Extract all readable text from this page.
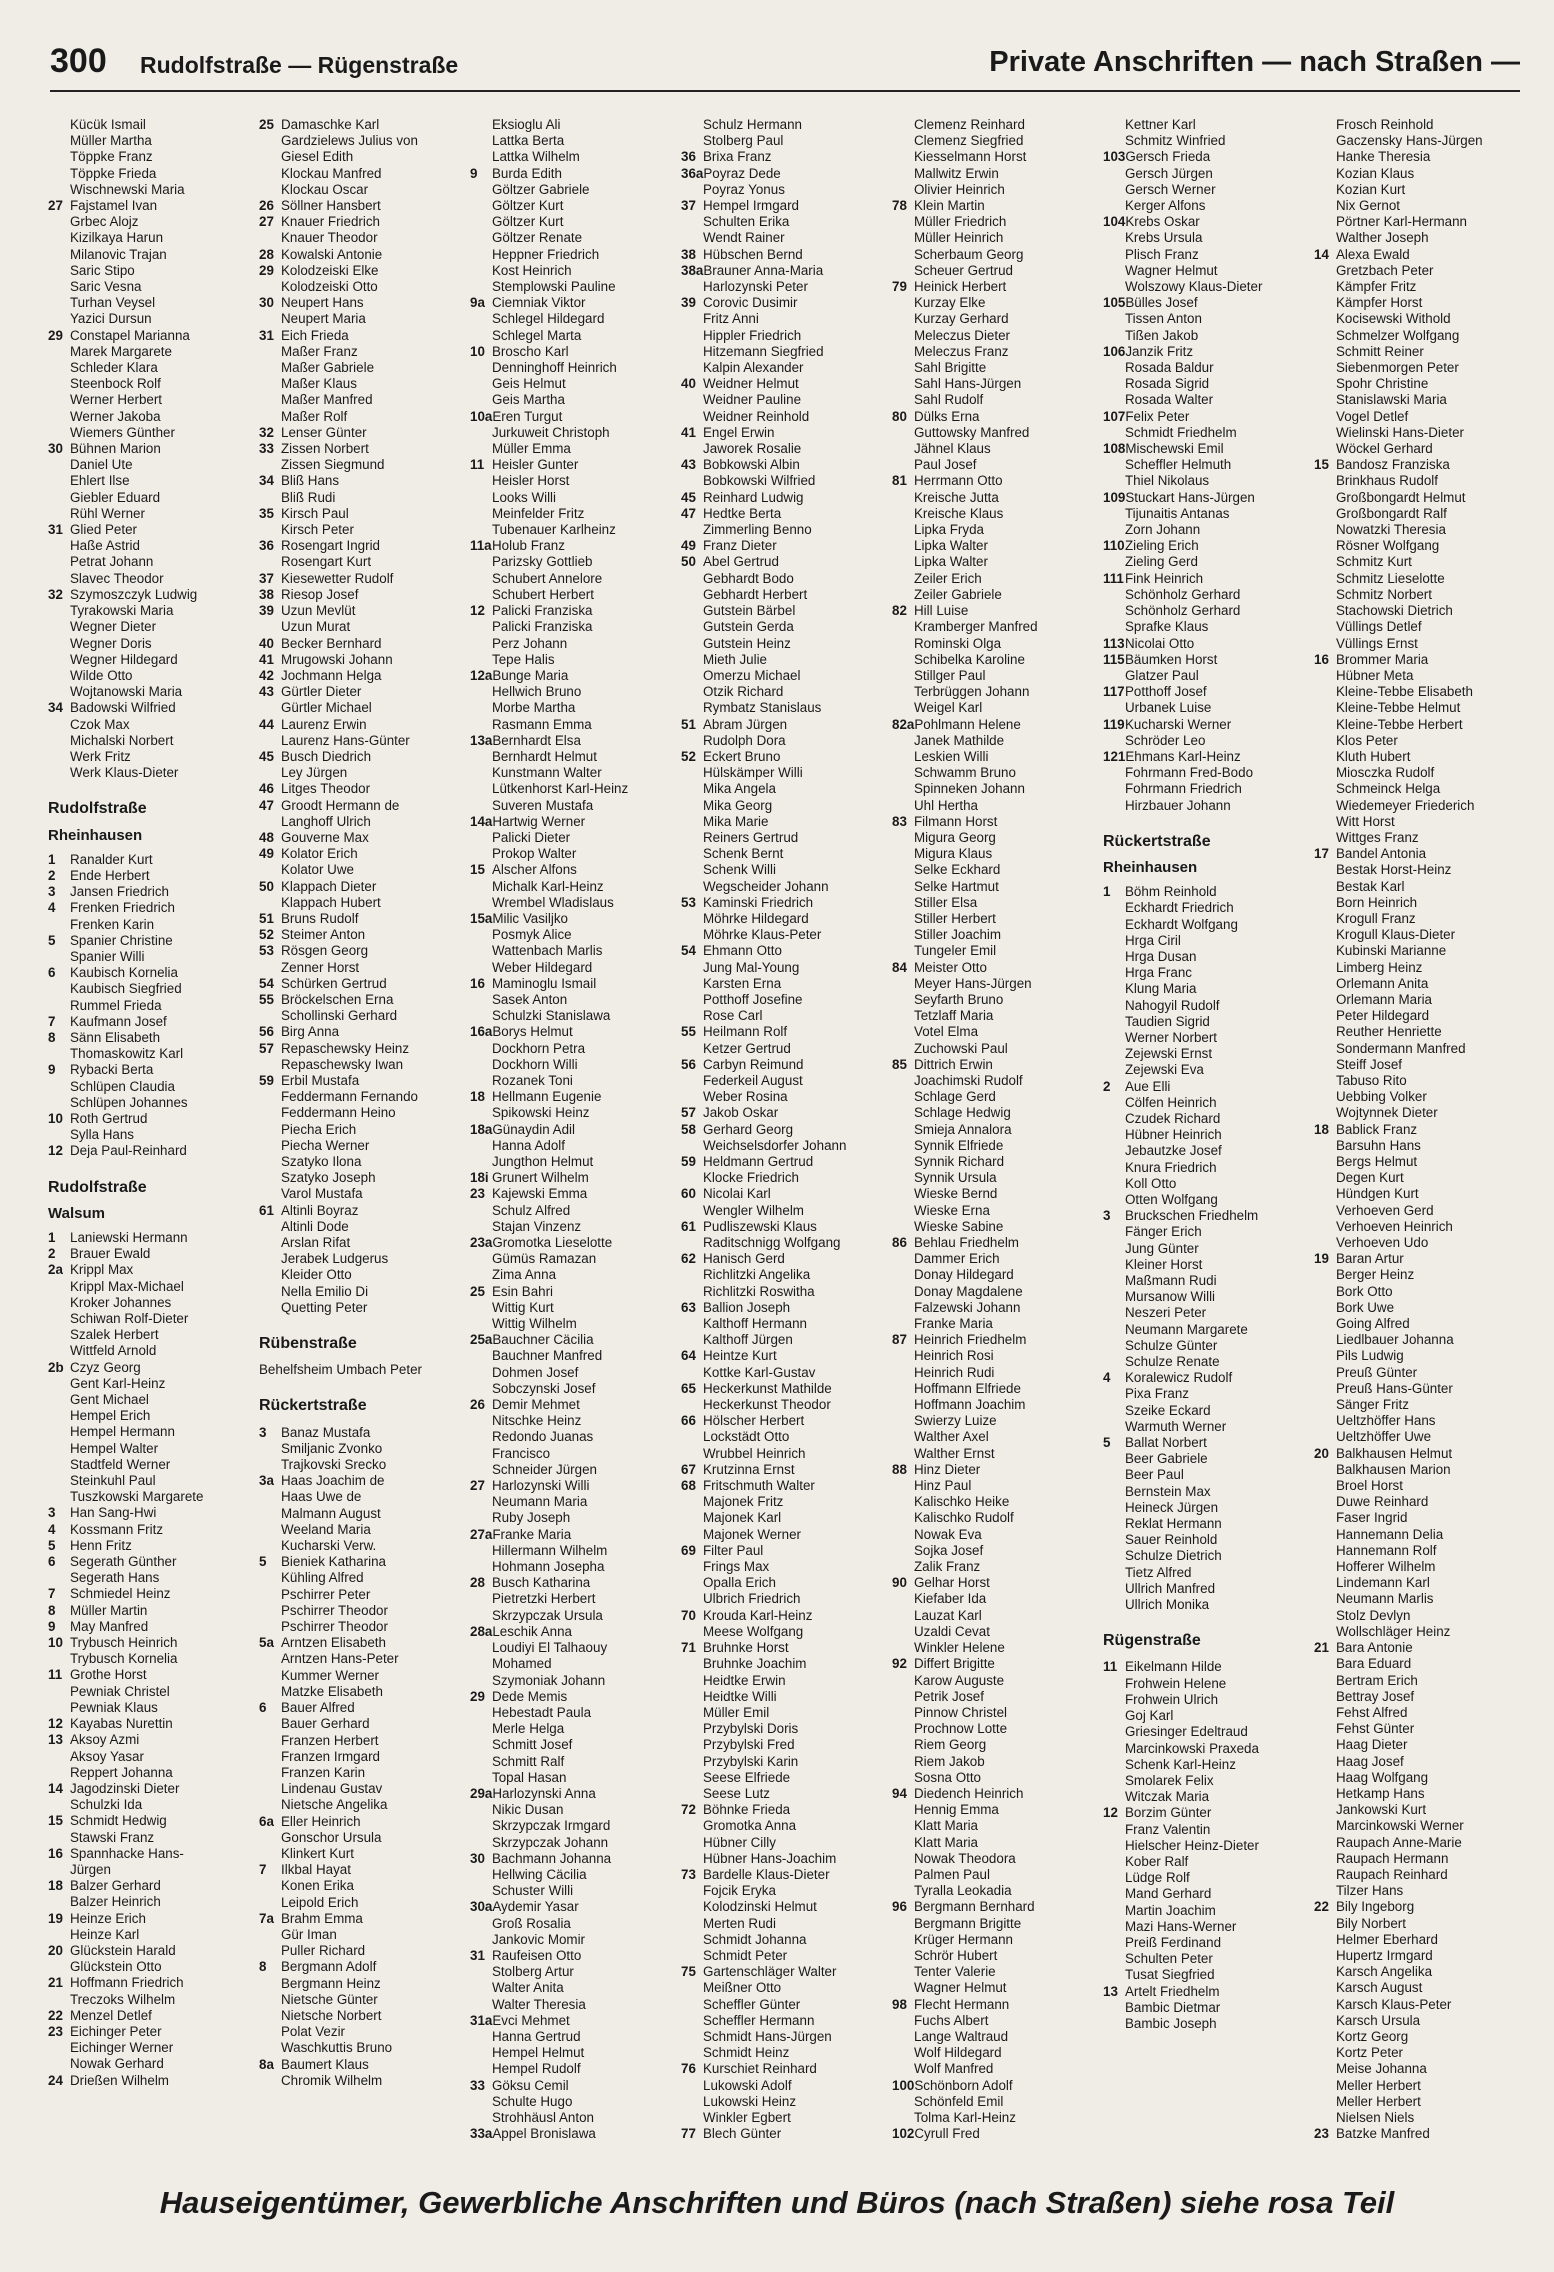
300 Rudolfstraße — Rügenstraße	Private Anschriften — nach Straßen —
Kücük Ismail
Müller Martha
Töppke Franz
Töppke Frieda
Wischnewski Maria
27 Fajstamel Ivan
Grbec Alojz
Kizilkaya Harun
Milanovic Trajan
Saric Stipo
Saric Vesna
Turhan Veysel
Yazici Dursun
29 Constapel Marianna
Marek Margarete
Schleder Klara
Steenbock Rolf
Werner Herbert
Werner Jakoba
Wiemers Günther
30 Bühnen Marion
Daniel Ute
Ehlert Ilse
Giebler Eduard
Rühl Werner
31 Glied Peter
Haße Astrid
Petrat Johann
Slavec Theodor
32 Szymoszczyk Ludwig
Tyrakowski Maria
Wegner Dieter
Wegner Doris
Wegner Hildegard
Wilde Otto
Wojtanowski Maria
34 Badowski Wilfried
Czok Max
Michalski Norbert
Werk Fritz
Werk Klaus-Dieter
Rudolfstraße
Rheinhausen
1 Ranalder Kurt
2 Ende Herbert
3 Jansen Friedrich
4 Frenken Friedrich
Frenken Karin
5 Spanier Christine
Spanier Willi
6 Kaubisch Kornelia
Kaubisch Siegfried
Rummel Frieda
7 Kaufmann Josef
8 Sänn Elisabeth
Thomaskowitz Karl
9 Rybacki Berta
Schlüpen Claudia
Schlüpen Johannes
10 Roth Gertrud
Sylla Hans
12 Deja Paul-Reinhard
Rudolfstraße
Walsum
1 Laniewski Hermann
2 Brauer Ewald
2a Krippl Max
Krippl Max-Michael
Kroker Johannes
Schiwan Rolf-Dieter
Szalek Herbert
Wittfeld Arnold
2b Czyz Georg
Gent Karl-Heinz
Gent Michael
Hempel Erich
Hempel Hermann
Hempel Walter
Stadtfeld Werner
Steinkuhl Paul
Tuszkowski Margarete
3 Han Sang-Hwi
4 Kossmann Fritz
5 Henn Fritz
6 Segerath Günther
Segerath Hans
7 Schmiedel Heinz
8 Müller Martin
9 May Manfred
10 Trybusch Heinrich
Trybusch Kornelia
11 Grothe Horst
Pewniak Christel
Pewniak Klaus
12 Kayabas Nurettin
13 Aksoy Azmi
Aksoy Yasar
Reppert Johanna
14 Jagodzinski Dieter
Schulzki Ida
15 Schmidt Hedwig
Stawski Franz
16 Spannhacke Hans-
Jürgen
18 Balzer Gerhard
Balzer Heinrich
19 Heinze Erich
Heinze Karl
20 Glückstein Harald
Glückstein Otto
21 Hoffmann Friedrich
Treczoks Wilhelm
22 Menzel Detlef
23 Eichinger Peter
Eichinger Werner
Nowak Gerhard
24 Drießen Wilhelm
25 Damaschke Karl
Gardzielews Julius von
Giesel Edith
Klockau Manfred
Klockau Oscar
26 Söllner Hansbert
27 Knauer Friedrich
Knauer Theodor
28 Kowalski Antonie
29 Kolodzeiski Elke
Kolodzeiski Otto
30 Neupert Hans
Neupert Maria
31 Eich Frieda
Maßer Franz
Maßer Gabriele
Maßer Klaus
Maßer Manfred
Maßer Rolf
32 Lenser Günter
33 Zissen Norbert
Zissen Siegmund
34 Bliß Hans
Bliß Rudi
35 Kirsch Paul
Kirsch Peter
36 Rosengart Ingrid
Rosengart Kurt
37 Kiesewetter Rudolf
38 Riesop Josef
39 Uzun Mevlüt
Uzun Murat
40 Becker Bernhard
41 Mrugowski Johann
42 Jochmann Helga
43 Gürtler Dieter
Gürtler Michael
44 Laurenz Erwin
Laurenz Hans-Günter
45 Busch Diedrich
Ley Jürgen
46 Litges Theodor
47 Groodt Hermann de
Langhoff Ulrich
48 Gouverne Max
49 Kolator Erich
Kolator Uwe
50 Klappach Dieter
Klappach Hubert
51 Bruns Rudolf
52 Steimer Anton
53 Rösgen Georg
Zenner Horst
54 Schürken Gertrud
55 Bröckelschen Erna
Schollinski Gerhard
56 Birg Anna
57 Repaschewsky Heinz
Repaschewsky Iwan
59 Erbil Mustafa
Feddermann Fernando
Feddermann Heino
Piecha Erich
Piecha Werner
Szatyko Ilona
Szatyko Joseph
Varol Mustafa
61 Altinli Boyraz
Altinli Dode
Arslan Rifat
Jerabek Ludgerus
Kleider Otto
Nella Emilio Di
Quetting Peter
Rübenstraße
Behelfsheim Umbach Peter
Rückertstraße
3 Banaz Mustafa
Smiljanic Zvonko
Trajkovski Srecko
3a Haas Joachim de
Haas Uwe de
Malmann August
Weeland Maria
Kucharski Verw.
5 Bieniek Katharina
Kühling Alfred
Pschirrer Peter
Pschirrer Theodor
Pschirrer Theodor
5a Arntzen Elisabeth
Arntzen Hans-Peter
Kummer Werner
Matzke Elisabeth
6 Bauer Alfred
Bauer Gerhard
Franzen Herbert
Franzen Irmgard
Franzen Karin
Lindenau Gustav
Nietsche Angelika
6a Eller Heinrich
Gonschor Ursula
Klinkert Kurt
7 Ilkbal Hayat
Konen Erika
Leipold Erich
7a Brahm Emma
Gür Iman
Puller Richard
8 Bergmann Adolf
Bergmann Heinz
Nietsche Günter
Nietsche Norbert
Polat Vezir
Waschkuttis Bruno
8a Baumert Klaus
Chromik Wilhelm
Eksioglu Ali
Lattka Berta
Lattka Wilhelm
9 Burda Edith
Göltzer Gabriele
Göltzer Kurt
Göltzer Kurt
Göltzer Renate
Heppner Friedrich
Kost Heinrich
Stemplowski Pauline
9a Ciemniak Viktor
Schlegel Hildegard
Schlegel Marta
10 Broscho Karl
Denninghoff Heinrich
Geis Helmut
Geis Martha
10aEren Turgut
Jurkuweit Christoph
Müller Emma
11 Heisler Gunter
Heisler Horst
Looks Willi
Meinfelder Fritz
Tubenauer Karlheinz
11aHolub Franz
Parizsky Gottlieb
Schubert Annelore
Schubert Herbert
12 Palicki Franziska
Palicki Franziska
Perz Johann
Tepe Halis
12aBunge Maria
Hellwich Bruno
Morbe Martha
Rasmann Emma
13aBernhardt Elsa
Bernhardt Helmut
Kunstmann Walter
Lütkenhorst Karl-Heinz
Suveren Mustafa
14aHartwig Werner
Palicki Dieter
Prokop Walter
15 Alscher Alfons
Michalk Karl-Heinz
Wrembel Wladislaus
15aMilic Vasiljko
Posmyk Alice
Wattenbach Marlis
Weber Hildegard
16 Maminoglu Ismail
Sasek Anton
Schulzki Stanislawa
16aBorys Helmut
Dockhorn Petra
Dockhorn Willi
Rozanek Toni
18 Hellmann Eugenie
Spikowski Heinz
18aGünaydin Adil
Hanna Adolf
Jungthon Helmut
18i Grunert Wilhelm
23 Kajewski Emma
Schulz Alfred
Stajan Vinzenz
23aGromotka Lieselotte
Gümüs Ramazan
Zima Anna
25 Esin Bahri
Wittig Kurt
Wittig Wilhelm
25aBauchner Cäcilia
Bauchner Manfred
Dohmen Josef
Sobczynski Josef
26 Demir Mehmet
Nitschke Heinz
Redondo Juanas
Francisco
Schneider Jürgen
27 Harlozynski Willi
Neumann Maria
Ruby Joseph
27aFranke Maria
Hillermann Wilhelm
Hohmann Josepha
28 Busch Katharina
Pietretzki Herbert
Skrzypczak Ursula
28aLeschik Anna
Loudiyi El Talhaouy
Mohamed
Szymoniak Johann
29 Dede Memis
Hebestadt Paula
Merle Helga
Schmitt Josef
Schmitt Ralf
Topal Hasan
29aHarlozynski Anna
Nikic Dusan
Skrzypczak Irmgard
Skrzypczak Johann
30 Bachmann Johanna
Hellwing Cäcilia
Schuster Willi
30aAydemir Yasar
Groß Rosalia
Jankovic Momir
31 Raufeisen Otto
Stolberg Artur
Walter Anita
Walter Theresia
31aEvci Mehmet
Hanna Gertrud
Hempel Helmut
Hempel Rudolf
33 Göksu Cemil
Schulte Hugo
Strohhäusl Anton
33aAppel Bronislawa
Schulz Hermann
Stolberg Paul
36 Brixa Franz
36aPoyraz Dede
Poyraz Yonus
37 Hempel Irmgard
Schulten Erika
Wendt Rainer
38 Hübschen Bernd
38aBrauner Anna-Maria
Harlozynski Peter
39 Corovic Dusimir
Fritz Anni
Hippler Friedrich
Hitzemann Siegfried
Kalpin Alexander
40 Weidner Helmut
Weidner Pauline
Weidner Reinhold
41 Engel Erwin
Jaworek Rosalie
43 Bobkowski Albin
Bobkowski Wilfried
45 Reinhard Ludwig
47 Hedtke Berta
Zimmerling Benno
49 Franz Dieter
50 Abel Gertrud
Gebhardt Bodo
Gebhardt Herbert
Gutstein Bärbel
Gutstein Gerda
Gutstein Heinz
Mieth Julie
Omerzu Michael
Otzik Richard
Rymbatz Stanislaus
51 Abram Jürgen
Rudolph Dora
52 Eckert Bruno
Hülskämper Willi
Mika Angela
Mika Georg
Mika Marie
Reiners Gertrud
Schenk Bernt
Schenk Willi
Wegscheider Johann
53 Kaminski Friedrich
Möhrke Hildegard
Möhrke Klaus-Peter
54 Ehmann Otto
Jung Mal-Young
Karsten Erna
Potthoff Josefine
Rose Carl
55 Heilmann Rolf
Ketzer Gertrud
56 Carbyn Reimund
Federkeil August
Weber Rosina
57 Jakob Oskar
58 Gerhard Georg
Weichselsdorfer Johann
59 Heldmann Gertrud
Klocke Friedrich
60 Nicolai Karl
Wengler Wilhelm
61 Pudliszewski Klaus
Raditschnigg Wolfgang
62 Hanisch Gerd
Richlitzki Angelika
Richlitzki Roswitha
63 Ballion Joseph
Kalthoff Hermann
Kalthoff Jürgen
64 Heintze Kurt
Kottke Karl-Gustav
65 Heckerkunst Mathilde
Heckerkunst Theodor
66 Hölscher Herbert
Lockstädt Otto
Wrubbel Heinrich
67 Krutzinna Ernst
68 Fritschmuth Walter
Majonek Fritz
Majonek Karl
Majonek Werner
69 Filter Paul
Frings Max
Opalla Erich
Ulbrich Friedrich
70 Krouda Karl-Heinz
Meese Wolfgang
71 Bruhnke Horst
Bruhnke Joachim
Heidtke Erwin
Heidtke Willi
Müller Emil
Przybylski Doris
Przybylski Fred
Przybylski Karin
Seese Elfriede
Seese Lutz
72 Böhnke Frieda
Gromotka Anna
Hübner Cilly
Hübner Hans-Joachim
73 Bardelle Klaus-Dieter
Fojcik Eryka
Kolodzinski Helmut
Merten Rudi
Schmidt Johanna
Schmidt Peter
75 Gartenschläger Walter
Meißner Otto
Scheffler Günter
Scheffler Hermann
Schmidt Hans-Jürgen
Schmidt Heinz
76 Kurschiet Reinhard
Lukowski Adolf
Lukowski Heinz
Winkler Egbert
77 Blech Günter
Clemenz Reinhard
Clemenz Siegfried
Kiesselmann Horst
Mallwitz Erwin
Olivier Heinrich
78 Klein Martin
Müller Friedrich
Müller Heinrich
Scherbaum Georg
Scheuer Gertrud
79 Heinick Herbert
Kurzay Elke
Kurzay Gerhard
Meleczus Dieter
Meleczus Franz
Sahl Brigitte
Sahl Hans-Jürgen
Sahl Rudolf
80 Dülks Erna
Guttowsky Manfred
Jähnel Klaus
Paul Josef
81 Herrmann Otto
Kreische Jutta
Kreische Klaus
Lipka Fryda
Lipka Walter
Lipka Walter
Zeiler Erich
Zeiler Gabriele
82 Hill Luise
Kramberger Manfred
Rominski Olga
Schibelka Karoline
Stillger Paul
Terbrüggen Johann
Weigel Karl
82aPohlmann Helene
Janek Mathilde
Leskien Willi
Schwamm Bruno
Spinneken Johann
Uhl Hertha
83 Filmann Horst
Migura Georg
Migura Klaus
Selke Eckhard
Selke Hartmut
Stiller Elsa
Stiller Herbert
Stiller Joachim
Tungeler Emil
84 Meister Otto
Meyer Hans-Jürgen
Seyfarth Bruno
Tetzlaff Maria
Votel Elma
Zuchowski Paul
85 Dittrich Erwin
Joachimski Rudolf
Schlage Gerd
Schlage Hedwig
Smieja Annalora
Synnik Elfriede
Synnik Richard
Synnik Ursula
Wieske Bernd
Wieske Erna
Wieske Sabine
86 Behlau Friedhelm
Dammer Erich
Donay Hildegard
Donay Magdalene
Falzewski Johann
Franke Maria
87 Heinrich Friedhelm
Heinrich Rosi
Heinrich Rudi
Hoffmann Elfriede
Hoffmann Joachim
Swierzy Luize
Walther Axel
Walther Ernst
88 Hinz Dieter
Hinz Paul
Kalischko Heike
Kalischko Rudolf
Nowak Eva
Sojka Josef
Zalik Franz
90 Gelhar Horst
Kiefaber Ida
Lauzat Karl
Uzaldi Cevat
Winkler Helene
92 Differt Brigitte
Karow Auguste
Petrik Josef
Pinnow Christel
Prochnow Lotte
Riem Georg
Riem Jakob
Sosna Otto
94 Diedench Heinrich
Hennig Emma
Klatt Maria
Klatt Maria
Nowak Theodora
Palmen Paul
Tyralla Leokadia
96 Bergmann Bernhard
Bergmann Brigitte
Krüger Hermann
Schrör Hubert
Tenter Valerie
Wagner Helmut
98 Flecht Hermann
Fuchs Albert
Lange Waltraud
Wolf Hildegard
Wolf Manfred
100Schönborn Adolf
Schönfeld Emil
Tolma Karl-Heinz
102Cyrull Fred
Kettner Karl
Schmitz Winfried
103Gersch Frieda
Gersch Jürgen
Gersch Werner
Kerger Alfons
104Krebs Oskar
Krebs Ursula
Plisch Franz
Wagner Helmut
Wolszowy Klaus-Dieter
105Bülles Josef
Tissen Anton
Tißen Jakob
106Janzik Fritz
Rosada Baldur
Rosada Sigrid
Rosada Walter
107Felix Peter
Schmidt Friedhelm
108Mischewski Emil
Scheffler Helmuth
Thiel Nikolaus
109Stuckart Hans-Jürgen
Tijunaitis Antanas
Zorn Johann
110Zieling Erich
Zieling Gerd
111Fink Heinrich
Schönholz Gerhard
Schönholz Gerhard
Sprafke Klaus
113Nicolai Otto
115Bäumken Horst
Glatzer Paul
117Potthoff Josef
Urbanek Luise
119Kucharski Werner
Schröder Leo
121Ehmans Karl-Heinz
Fohrmann Fred-Bodo
Fohrmann Friedrich
Hirzbauer Johann
Rückertstraße
Rheinhausen
1 Böhm Reinhold
Eckhardt Friedrich
Eckhardt Wolfgang
Hrga Ciril
Hrga Dusan
Hrga Franc
Klung Maria
Nahogyil Rudolf
Taudien Sigrid
Werner Norbert
Zejewski Ernst
Zejewski Eva
2 Aue Elli
Cölfen Heinrich
Czudek Richard
Hübner Heinrich
Jebautzke Josef
Knura Friedrich
Koll Otto
Otten Wolfgang
3 Bruckschen Friedhelm
Fänger Erich
Jung Günter
Kleiner Horst
Maßmann Rudi
Mursanow Willi
Neszeri Peter
Neumann Margarete
Schulze Günter
Schulze Renate
4 Koralewicz Rudolf
Pixa Franz
Szeike Eckard
Warmuth Werner
5 Ballat Norbert
Beer Gabriele
Beer Paul
Bernstein Max
Heineck Jürgen
Reklat Hermann
Sauer Reinhold
Schulze Dietrich
Tietz Alfred
Ullrich Manfred
Ullrich Monika
Rügenstraße
11 Eikelmann Hilde
Frohwein Helene
Frohwein Ulrich
Goj Karl
Griesinger Edeltraud
Marcinkowski Praxeda
Schenk Karl-Heinz
Smolarek Felix
Witczak Maria
12 Borzim Günter
Franz Valentin
Hielscher Heinz-Dieter
Kober Ralf
Lüdge Rolf
Mand Gerhard
Martin Joachim
Mazi Hans-Werner
Preiß Ferdinand
Schulten Peter
Tusat Siegfried
13 Artelt Friedhelm
Bambic Dietmar
Bambic Joseph
Frosch Reinhold
Gaczensky Hans-Jürgen
Hanke Theresia
Kozian Klaus
Kozian Kurt
Nix Gernot
Pörtner Karl-Hermann
Walther Joseph
14 Alexa Ewald
Gretzbach Peter
Kämpfer Fritz
Kämpfer Horst
Kocisewski Withold
Schmelzer Wolfgang
Schmitt Reiner
Siebenmorgen Peter
Spohr Christine
Stanislawski Maria
Vogel Detlef
Wielinski Hans-Dieter
Wöckel Gerhard
15 Bandosz Franziska
Brinkhaus Rudolf
Großbongardt Helmut
Großbongardt Ralf
Nowatzki Theresia
Rösner Wolfgang
Schmitz Kurt
Schmitz Lieselotte
Schmitz Norbert
Stachowski Dietrich
Vüllings Detlef
Vüllings Ernst
16 Brommer Maria
Hübner Meta
Kleine-Tebbe Elisabeth
Kleine-Tebbe Helmut
Kleine-Tebbe Herbert
Klos Peter
Kluth Hubert
Miosczka Rudolf
Schmeinck Helga
Wiedemeyer Friederich
Witt Horst
Wittges Franz
17 Bandel Antonia
Bestak Horst-Heinz
Bestak Karl
Born Heinrich
Krogull Franz
Krogull Klaus-Dieter
Kubinski Marianne
Limberg Heinz
Orlemann Anita
Orlemann Maria
Peter Hildegard
Reuther Henriette
Sondermann Manfred
Steiff Josef
Tabuso Rito
Uebbing Volker
Wojtynnek Dieter
18 Bablick Franz
Barsuhn Hans
Bergs Helmut
Degen Kurt
Hündgen Kurt
Verhoeven Gerd
Verhoeven Heinrich
Verhoeven Udo
19 Baran Artur
Berger Heinz
Bork Otto
Bork Uwe
Going Alfred
Liedlbauer Johanna
Pils Ludwig
Preuß Günter
Preuß Hans-Günter
Sänger Fritz
Ueltzhöffer Hans
Ueltzhöffer Uwe
20 Balkhausen Helmut
Balkhausen Marion
Broel Horst
Duwe Reinhard
Faser Ingrid
Hannemann Delia
Hannemann Rolf
Hofferer Wilhelm
Lindemann Karl
Neumann Marlis
Stolz Devlyn
Wollschläger Heinz
21 Bara Antonie
Bara Eduard
Bertram Erich
Bettray Josef
Fehst Alfred
Fehst Günter
Haag Dieter
Haag Josef
Haag Wolfgang
Hetkamp Hans
Jankowski Kurt
Marcinkowski Werner
Raupach Anne-Marie
Raupach Hermann
Raupach Reinhard
Tilzer Hans
22 Bily Ingeborg
Bily Norbert
Helmer Eberhard
Hupertz Irmgard
Karsch Angelika
Karsch August
Karsch Klaus-Peter
Karsch Ursula
Kortz Georg
Kortz Peter
Meise Johanna
Meller Herbert
Meller Herbert
Nielsen Niels
23 Batzke Manfred
Hauseigentümer, Gewerbliche Anschriften und Büros (nach Straßen) siehe rosa Teil
